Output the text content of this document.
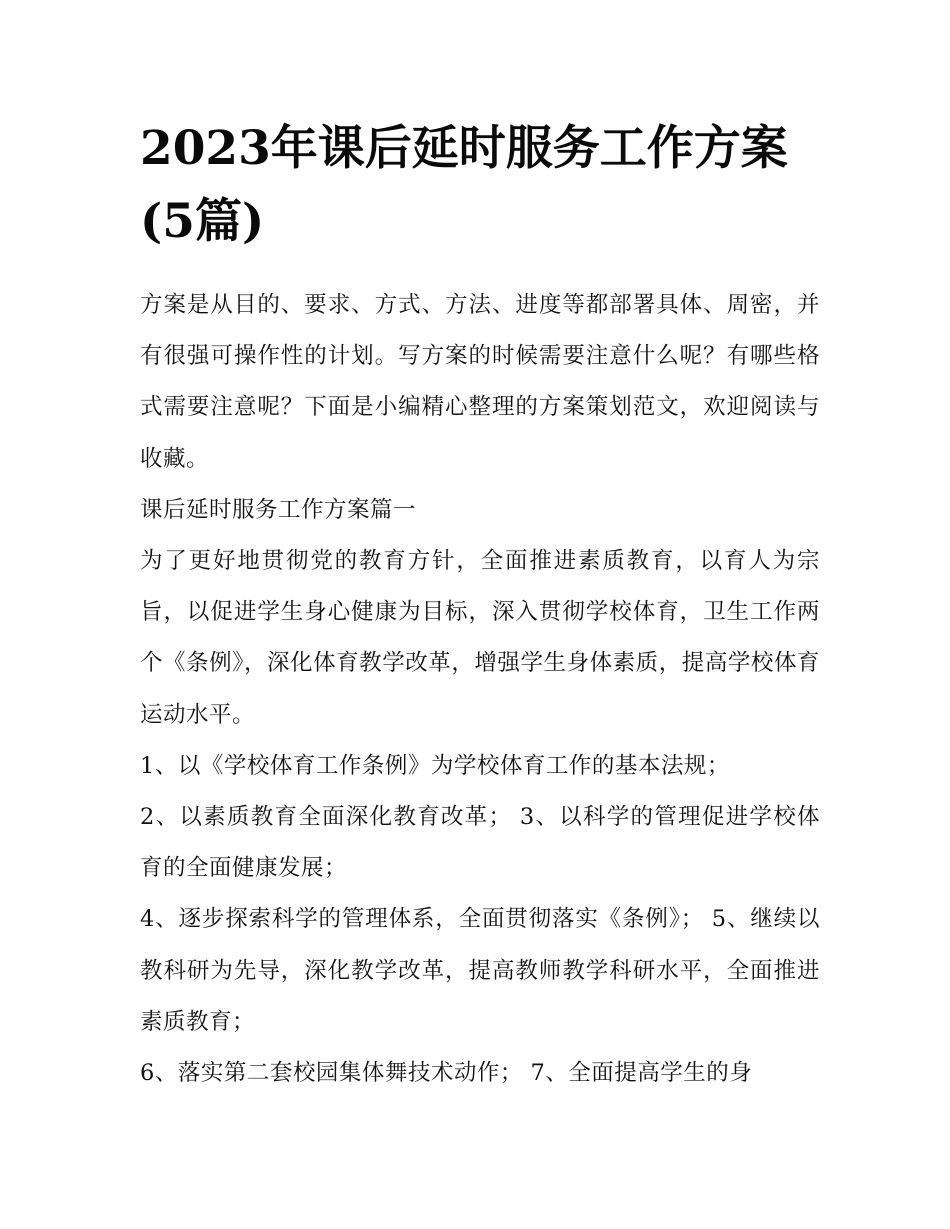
2023年课后延时服务工作方案(5篇)

方案是从目的、要求、方式、方法、进度等都部署具体、周密，并有很强可操作性的计划。写方案的时候需要注意什么呢？有哪些格式需要注意呢？下面是小编精心整理的方案策划范文，欢迎阅读与收藏。

课后延时服务工作方案篇一

为了更好地贯彻党的教育方针，全面推进素质教育，以育人为宗旨，以促进学生身心健康为目标，深入贯彻学校体育，卫生工作两个《条例》，深化体育教学改革，增强学生身体素质，提高学校体育运动水平。

1、以《学校体育工作条例》为学校体育工作的基本法规；

2、以素质教育全面深化教育改革； 3、以科学的管理促进学校体育的全面健康发展；

4、逐步探索科学的管理体系，全面贯彻落实《条例》； 5、继续以教科研为先导，深化教学改革，提高教师教学科研水平，全面推进素质教育；

6、落实第二套校园集体舞技术动作； 7、全面提高学生的身
